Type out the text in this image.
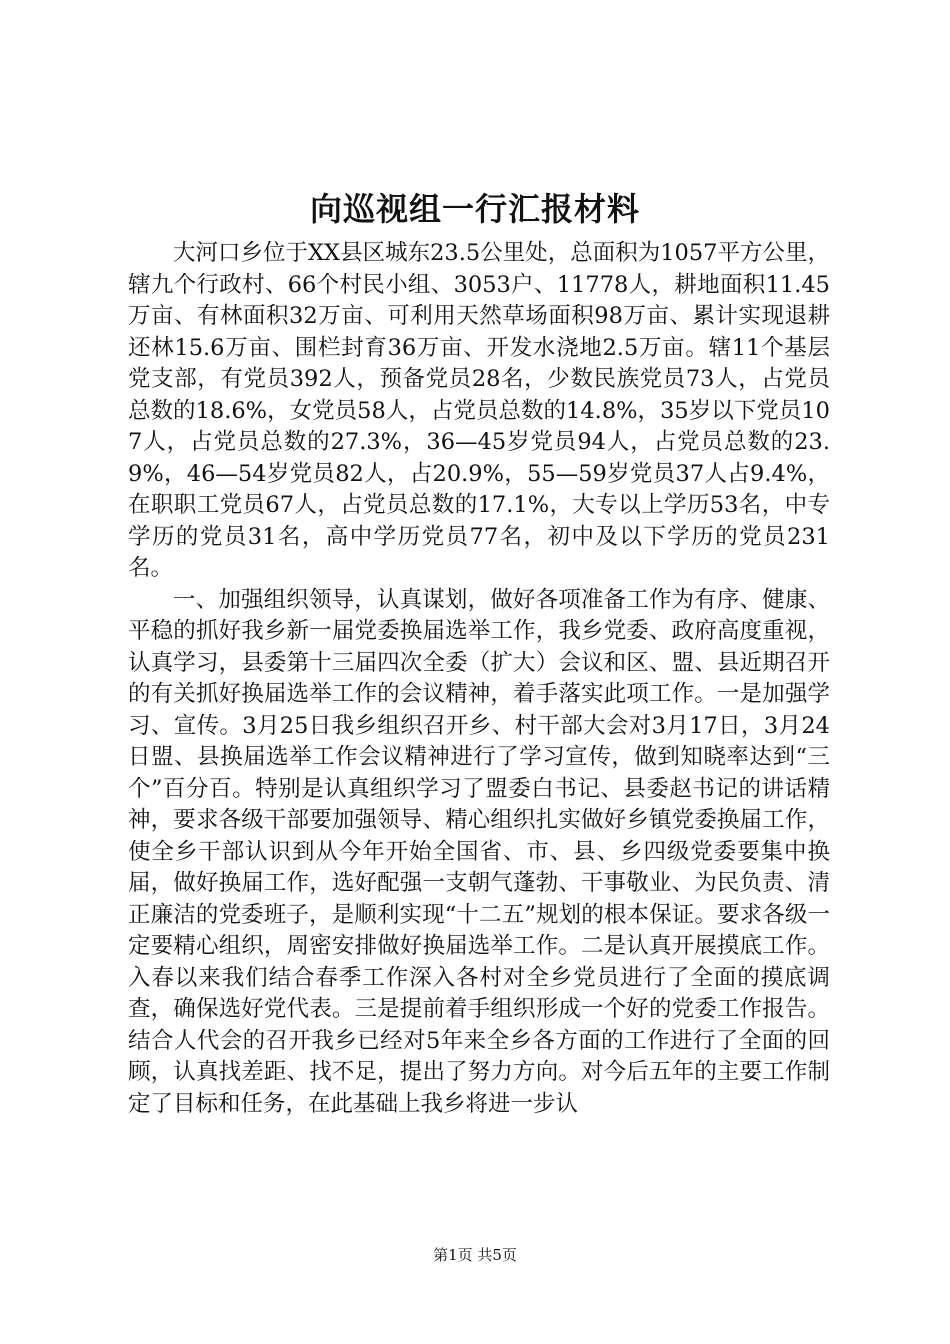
向巡视组一行汇报材料

大河口乡位于XX县区城东23.5公里处，总面积为1057平方公里，辖九个行政村、66个村民小组、3053户、11778人，耕地面积11.45万亩、有林面积32万亩、可利用天然草场面积98万亩、累计实现退耕还林15.6万亩、围栏封育36万亩、开发水浇地2.5万亩。辖11个基层党支部，有党员392人，预备党员28名，少数民族党员73人，占党员总数的18.6%，女党员58人，占党员总数的14.8%，35岁以下党员107人，占党员总数的27.3%，36—45岁党员94人，占党员总数的23.9%，46—54岁党员82人，占20.9%，55—59岁党员37人占9.4%，在职职工党员67人，占党员总数的17.1%，大专以上学历53名，中专学历的党员31名，高中学历党员77名，初中及以下学历的党员231名。

一、加强组织领导，认真谋划，做好各项准备工作为有序、健康、平稳的抓好我乡新一届党委换届选举工作，我乡党委、政府高度重视，认真学习，县委第十三届四次全委（扩大）会议和区、盟、县近期召开的有关抓好换届选举工作的会议精神，着手落实此项工作。一是加强学习、宣传。3月25日我乡组织召开乡、村干部大会对3月17日，3月24日盟、县换届选举工作会议精神进行了学习宣传，做到知晓率达到“三个”百分百。特别是认真组织学习了盟委白书记、县委赵书记的讲话精神，要求各级干部要加强领导、精心组织扎实做好乡镇党委换届工作，使全乡干部认识到从今年开始全国省、市、县、乡四级党委要集中换届，做好换届工作，选好配强一支朝气蓬勃、干事敬业、为民负责、清正廉洁的党委班子，是顺利实现“十二五”规划的根本保证。要求各级一定要精心组织，周密安排做好换届选举工作。二是认真开展摸底工作。入春以来我们结合春季工作深入各村对全乡党员进行了全面的摸底调查，确保选好党代表。三是提前着手组织形成一个好的党委工作报告。结合人代会的召开我乡已经对5年来全乡各方面的工作进行了全面的回顾，认真找差距、找不足，提出了努力方向。对今后五年的主要工作制定了目标和任务，在此基础上我乡将进一步认

第1页 共5页
